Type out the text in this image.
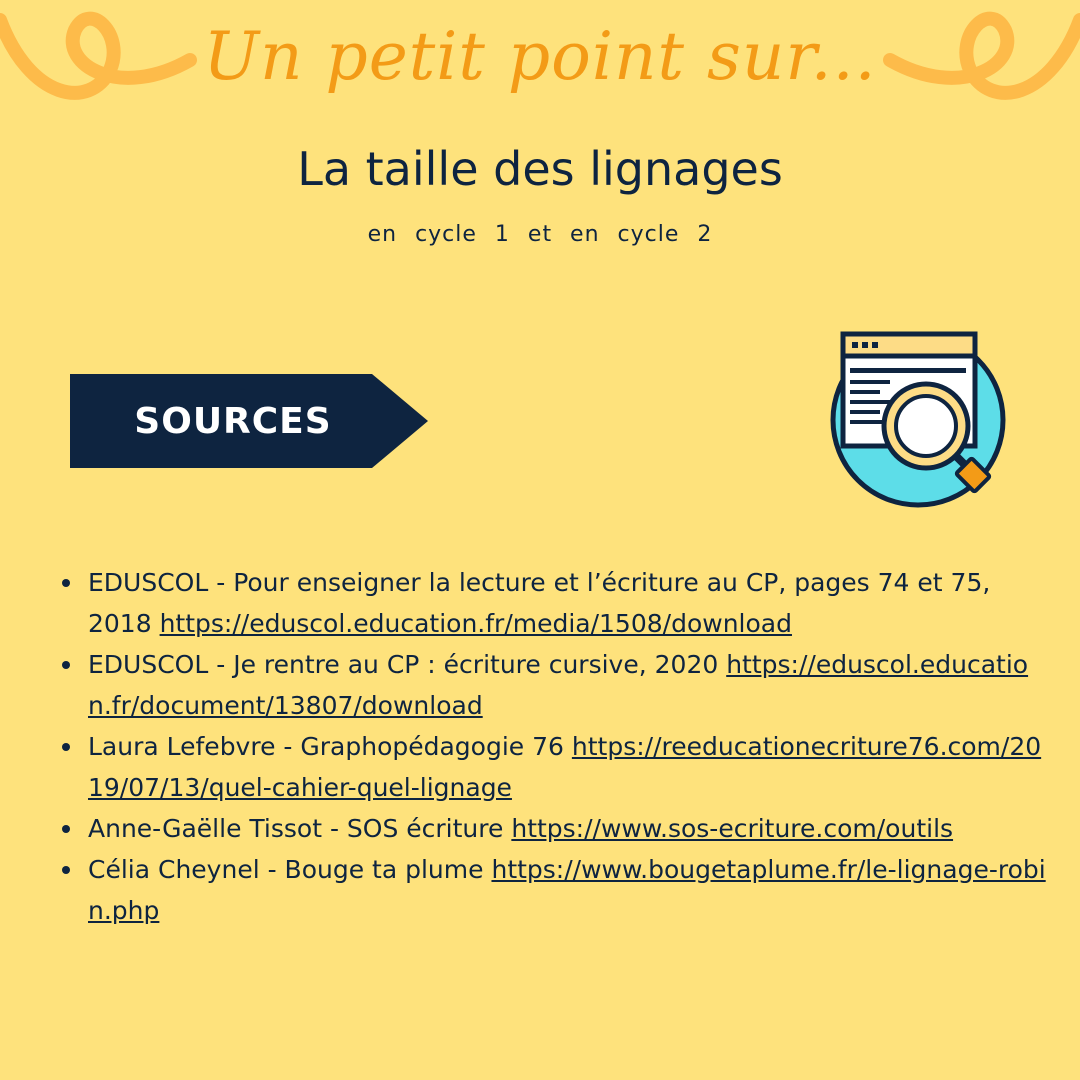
Un petit point sur...
La taille des lignages
en cycle 1 et en cycle 2
SOURCES
EDUSCOL - Pour enseigner la lecture et l’écriture au CP, pages 74 et 75, 2018 https://eduscol.education.fr/media/1508/download
EDUSCOL - Je rentre au CP : écriture cursive, 2020 https://eduscol.education.fr/document/13807/download
Laura Lefebvre - Graphopédagogie 76 https://reeducationecriture76.com/2019/07/13/quel-cahier-quel-lignage
Anne-Gaëlle Tissot - SOS écriture https://www.sos-ecriture.com/outils
Célia Cheynel - Bouge ta plume https://www.bougetaplume.fr/le-lignage-robin.php
